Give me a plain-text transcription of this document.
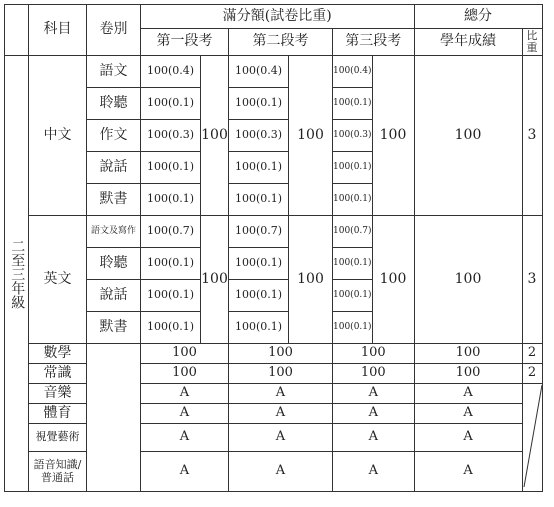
	科目	卷別	滿分額(試卷比重)						總分	
			第一段考		第二段考		第三段考		學年成績	比重
二至三年級	中文	語文	100(0.4)	100	100(0.4)	100	100(0.4)	100	100	3
		聆聽	100(0.1)		100(0.1)		100(0.1)			
		作文	100(0.3)		100(0.3)		100(0.3)			
		說話	100(0.1)		100(0.1)		100(0.1)			
		默書	100(0.1)		100(0.1)		100(0.1)			
	英文	語文及寫作	100(0.7)	100	100(0.7)	100	100(0.7)	100	100	3
		聆聽	100(0.1)		100(0.1)		100(0.1)			
		說話	100(0.1)		100(0.1)		100(0.1)			
		默書	100(0.1)		100(0.1)		100(0.1)			
	數學		100		100		100		100	2
	常識		100		100		100		100	2
	音樂		A		A		A		A	

	體育		A		A		A		A	
	視覺藝術		A		A		A		A	
	語音知識/普通話		A		A		A		A	
